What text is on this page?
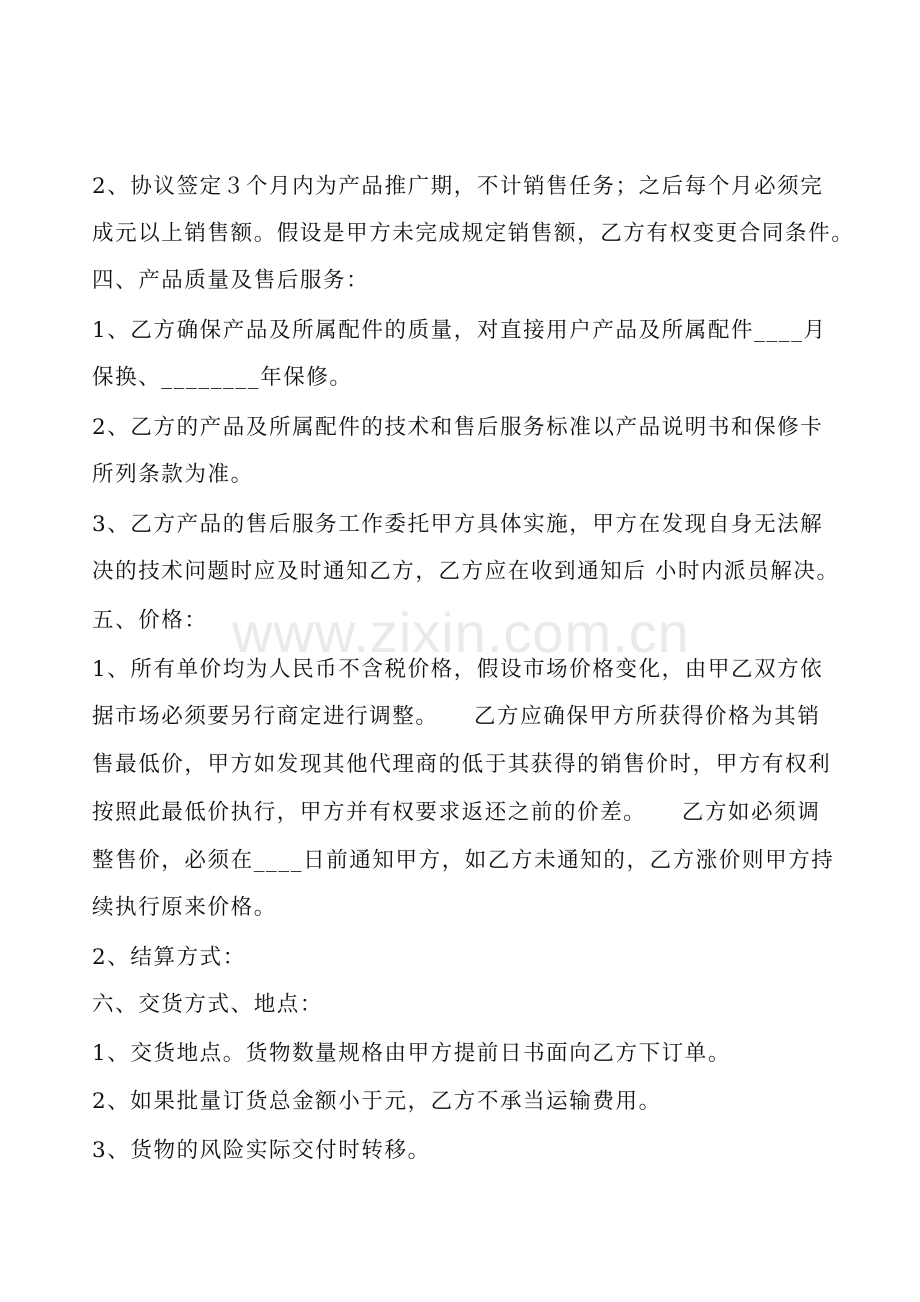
2、协议签定３个月内为产品推广期，不计销售任务；之后每个月必须完
成元以上销售额。假设是甲方未完成规定销售额，乙方有权变更合同条件。
四、产品质量及售后服务：
1、乙方确保产品及所属配件的质量，对直接用户产品及所属配件____月
保换、________年保修。
2、乙方的产品及所属配件的技术和售后服务标准以产品说明书和保修卡
所列条款为准。
3、乙方产品的售后服务工作委托甲方具体实施，甲方在发现自身无法解
决的技术问题时应及时通知乙方，乙方应在收到通知后 小时内派员解决。
五、价格：
1、所有单价均为人民币不含税价格，假设市场价格变化，由甲乙双方依
据市场必须要另行商定进行调整。　　乙方应确保甲方所获得价格为其销
售最低价，甲方如发现其他代理商的低于其获得的销售价时，甲方有权利
按照此最低价执行，甲方并有权要求返还之前的价差。　　乙方如必须调
整售价，必须在____日前通知甲方，如乙方未通知的，乙方涨价则甲方持
续执行原来价格。
2、结算方式：
六、交货方式、地点：
1、交货地点。货物数量规格由甲方提前日书面向乙方下订单。
2、如果批量订货总金额小于元，乙方不承当运输费用。
3、货物的风险实际交付时转移。
www.zixin.com.cn
